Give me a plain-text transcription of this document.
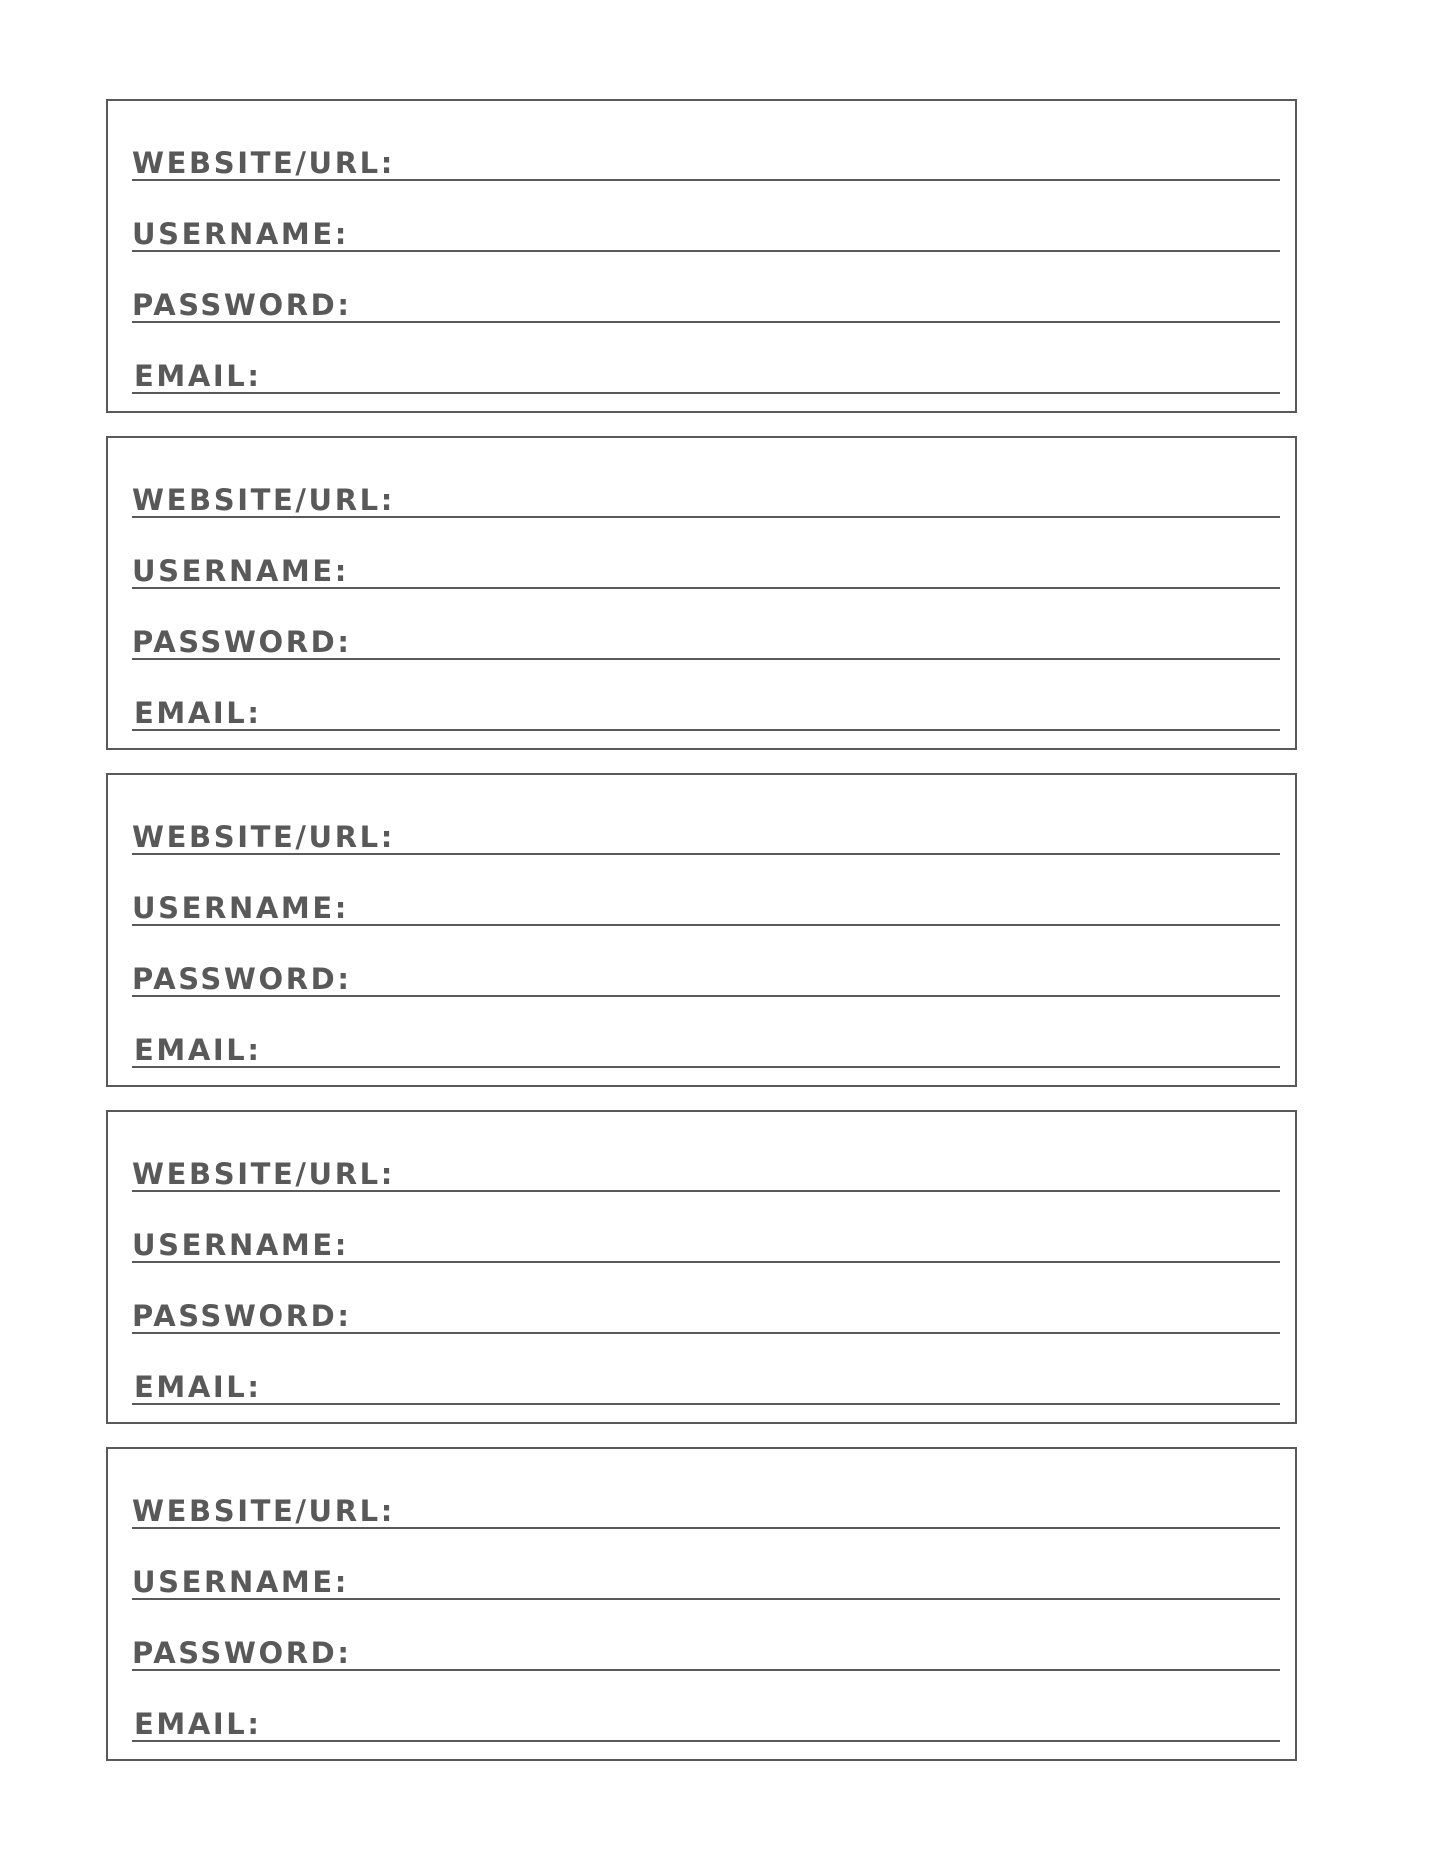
WEBSITE/URL:
USERNAME:
PASSWORD:
EMAIL:
WEBSITE/URL:
USERNAME:
PASSWORD:
EMAIL:
WEBSITE/URL:
USERNAME:
PASSWORD:
EMAIL:
WEBSITE/URL:
USERNAME:
PASSWORD:
EMAIL:
WEBSITE/URL:
USERNAME:
PASSWORD:
EMAIL:
